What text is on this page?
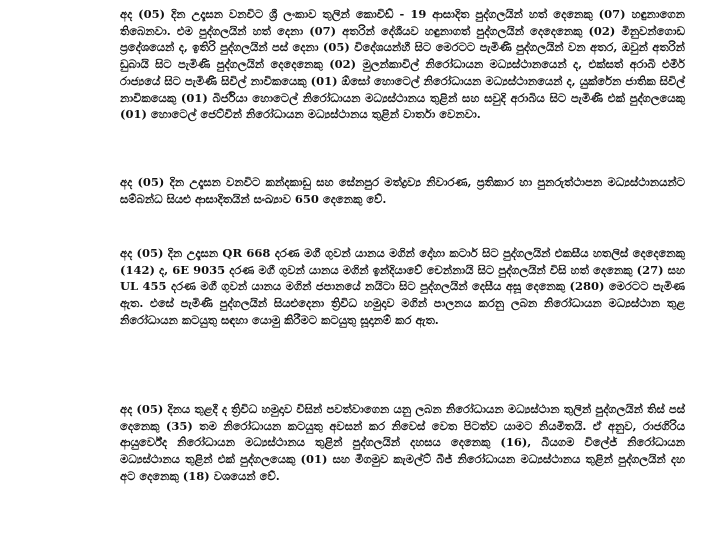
අද (05) දින උදෑසන වනවිට ශ්‍රී ලංකාව තුලින් කොවිඩ් - 19 ආසාදිත පුද්ගලයින් හත් දෙනෙකු (07) හඳුනාගෙන තිබෙනවා. එම පුද්ගලයින් හත් දෙනා (07) අතරින් දේශීයව හඳුනාගත් පුද්ගලයින් දෙදෙනෙකු (02) මිනුවන්ගොඩ ප්‍රදේශයෙන් ද, ඉතිරි පුද්ගලයින් පස් දෙනා (05) විදේශයන්හී සිට මෙරටට පැමිණි පුද්ගලයින් වන අතර, ඔවුන් අතරින් ඩුබායි සිට පැමිණි පුද්ගලයින් දෙදෙනෙකු (02) මුලන්කාවිල් නිරෝධායන මධ්‍යස්ථානයෙන් ද, එක්සත් අරාබි එමීර් රාජ්‍යයේ සිට පැමිණි සිවිල් නාවිකයෙකු (01) ඕසෝ හොටෙල් නිරෝධායන මධ්‍යස්ථානයෙන් ද, යුක්රේන ජාතික සිවිල් නාවිකයෙකු (01) බිර්ජියා හොටෙල් නිරෝධායන මධ්‍යස්ථානය තුළින් සහ සවුදි අරාබිය සිට පැමිණි එක් පුද්ගලයෙකු (01) හොටෙල් ජෙට්වින් නිරෝධායන මධ්‍යස්ථානය තුළින් වාර්තා වෙනවා.

අද (05) දින උදෑසන වනවිට කන්දකාඩු සහ සේනපුර මත්ද්‍රව්‍ය නිවාරණ, ප්‍රතිකාර හා පුනරුත්ථාපන මධ්‍යස්ථානයන්ට සම්බන්ධ සියළු ආසාදිතයින් සංඛ්‍යාව 650 දෙනෙකු වේ.

අද (05) දින උදෑසන QR 668 දරණ මගී ගුවන් යානය මගින් දෝහා කටාර් සිට පුද්ගලයින් එකසීය හතලිස් දෙදෙනෙකු (142) ද, 6E 9035 දරණ මගී ගුවන් යානය මගින් ඉන්දියාවේ චෙන්නායි සිට පුද්ගලයින් විසි හත් දෙනෙකු (27) සහ UL 455 දරණ මගී ගුවන් යානය මගින් ජපානයේ නයිටා සිට පුද්ගලයින් දෙසීය අසූ දෙනෙකු (280) මෙරටට පැමිණ ඇත. එසේ පැමිණි පුද්ගලයින් සියළුදෙනා ත්‍රිවිධ හමුදාව මගින් පාලනය කරනු ලබන නිරෝධායන මධ්‍යස්ථාන තුළ නිරෝධායන කටයුතු සඳහා යොමු කිරීමට කටයුතු සූදානම් කර ඇත.

අද (05) දිනය තුළදී ද ත්‍රිවිධ හමුදාව විසින් පවත්වාගෙන යනු ලබන නිරෝධායන මධ්‍යස්ථාන තුලින් පුද්ගලයින් තිස් පස් දෙනෙකු (35) තම නිරෝධායන කටයුතු අවසන් කර නිවෙස් වෙත පිටත්ව යාමට නියමිතයි. ඒ අනුව, රාජගිරිය ආයුර්වේද නිරෝධායන මධ්‍යස්ථානය තුළින් පුද්ගලයින් දහසය දෙනෙකු (16), බියගම විලේජ් නිරෝධායන මධ්‍යස්ථානය තුළින් එක් පුද්ගලයෙකු (01) සහ මීගමුව කැමල්ට් බීජ් නිරෝධායන මධ්‍යස්ථානය තුළින් පුද්ගලයින් දහ අට දෙනෙකු (18) වශයෙන් වේ.
